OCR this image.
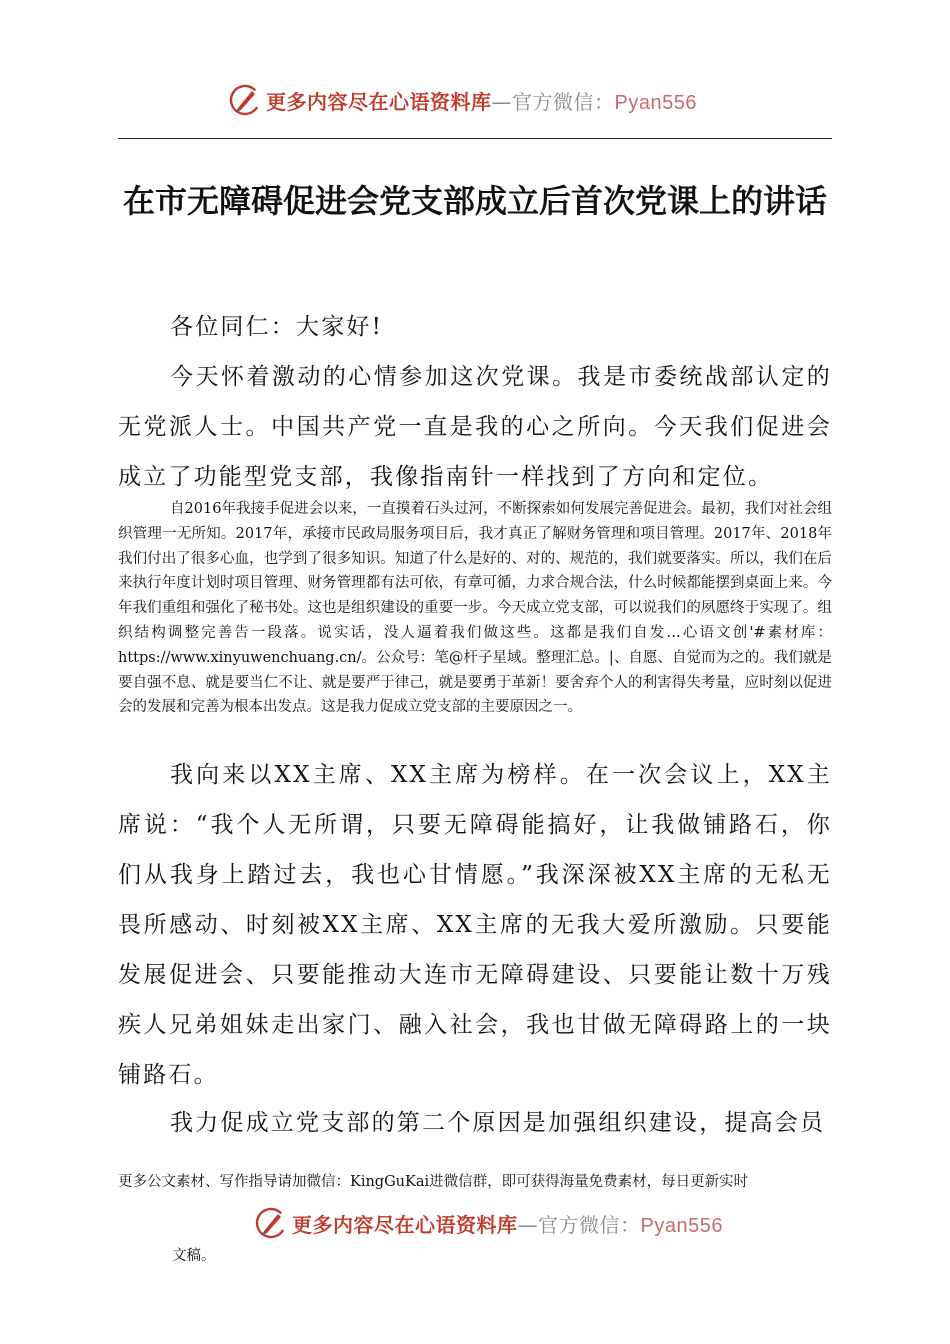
更多内容尽在心语资料库—官方微信：Pyan556
在市无障碍促进会党支部成立后首次党课上的讲话

各位同仁：大家好!

今天怀着激动的心情参加这次党课。我是市委统战部认定的无党派人士。中国共产党一直是我的心之所向。今天我们促进会成立了功能型党支部，我像指南针一样找到了方向和定位。

自2016年我接手促进会以来，一直摸着石头过河，不断探索如何发展完善促进会。最初，我们对社会组织管理一无所知。2017年，承接市民政局服务项目后，我才真正了解财务管理和项目管理。2017年、2018年我们付出了很多心血，也学到了很多知识。知道了什么是好的、对的、规范的，我们就要落实。所以，我们在后来执行年度计划时项目管理、财务管理都有法可依，有章可循，力求合规合法，什么时候都能摆到桌面上来。今年我们重组和强化了秘书处。这也是组织建设的重要一步。今天成立党支部，可以说我们的夙愿终于实现了。组织结构调整完善告一段落。说实话，没人逼着我们做这些。这都是我们自发…心语文创'#素材库：https://www.xinyuwenchuang.cn/。公众号：笔@杆子星域。整理汇总。|、自愿、自觉而为之的。我们就是要自强不息、就是要当仁不让、就是要严于律己，就是要勇于革新！要舍弃个人的利害得失考量，应时刻以促进会的发展和完善为根本出发点。这是我力促成立党支部的主要原因之一。

我向来以XX主席、XX主席为榜样。在一次会议上，XX主席说：“我个人无所谓，只要无障碍能搞好，让我做铺路石，你们从我身上踏过去，我也心甘情愿。”我深深被XX主席的无私无畏所感动、时刻被XX主席、XX主席的无我大爱所激励。只要能发展促进会、只要能推动大连市无障碍建设、只要能让数十万残疾人兄弟姐妹走出家门、融入社会，我也甘做无障碍路上的一块铺路石。

我力促成立党支部的第二个原因是加强组织建设，提高会员

更多公文素材、写作指导请加微信：KingGuKai进微信群，即可获得海量免费素材，每日更新实时

更多内容尽在心语资料库—官方微信：Pyan556

文稿。
